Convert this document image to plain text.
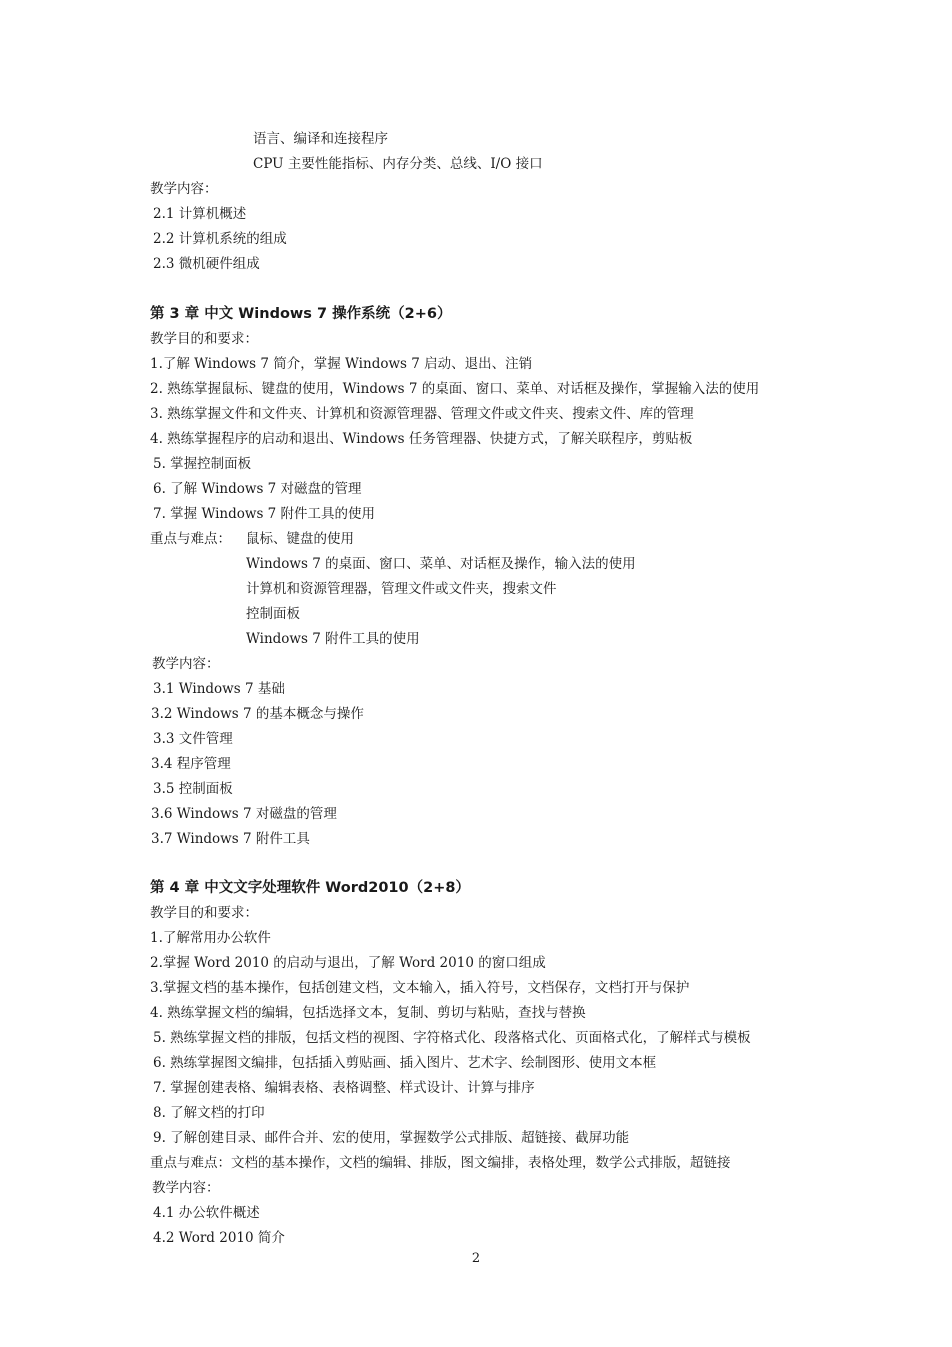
语言、编译和连接程序
CPU 主要性能指标、内存分类、总线、I/O 接口
教学内容：
2.1 计算机概述
2.2 计算机系统的组成
2.3 微机硬件组成
第 3 章 中文 Windows 7 操作系统（2+6）
教学目的和要求：
1.了解 Windows 7 简介，掌握 Windows 7 启动、退出、注销
2. 熟练掌握鼠标、键盘的使用，Windows 7 的桌面、窗口、菜单、对话框及操作，掌握输入法的使用
3. 熟练掌握文件和文件夹、计算机和资源管理器、管理文件或文件夹、搜索文件、库的管理
4. 熟练掌握程序的启动和退出、Windows 任务管理器、快捷方式，了解关联程序，剪贴板
5. 掌握控制面板
6. 了解 Windows 7 对磁盘的管理
7. 掌握 Windows 7 附件工具的使用
重点与难点： 鼠标、键盘的使用
Windows 7 的桌面、窗口、菜单、对话框及操作，输入法的使用
计算机和资源管理器，管理文件或文件夹，搜索文件
控制面板
Windows 7 附件工具的使用
教学内容：
3.1 Windows 7 基础
3.2 Windows 7 的基本概念与操作
3.3 文件管理
3.4 程序管理
3.5 控制面板
3.6 Windows 7 对磁盘的管理
3.7 Windows 7 附件工具
第 4 章 中文文字处理软件 Word2010（2+8）
教学目的和要求：
1.了解常用办公软件
2.掌握 Word 2010 的启动与退出，了解 Word 2010 的窗口组成
3.掌握文档的基本操作，包括创建文档，文本输入，插入符号，文档保存，文档打开与保护
4. 熟练掌握文档的编辑，包括选择文本，复制、剪切与粘贴，查找与替换
5. 熟练掌握文档的排版，包括文档的视图、字符格式化、段落格式化、页面格式化，了解样式与模板
6. 熟练掌握图文编排，包括插入剪贴画、插入图片、艺术字、绘制图形、使用文本框
7. 掌握创建表格、编辑表格、表格调整、样式设计、计算与排序
8. 了解文档的打印
9. 了解创建目录、邮件合并、宏的使用，掌握数学公式排版、超链接、截屏功能
重点与难点：文档的基本操作，文档的编辑、排版，图文编排，表格处理，数学公式排版，超链接
教学内容：
4.1 办公软件概述
4.2 Word 2010 简介
2
